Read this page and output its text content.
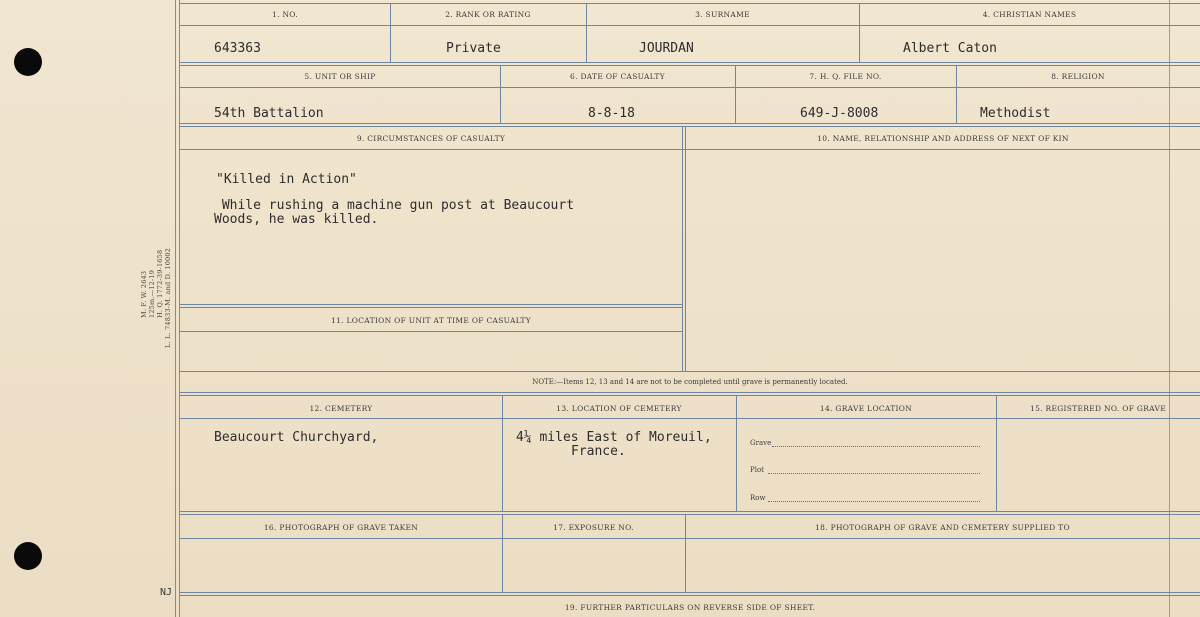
M. F. W. 2643 125m.—12-19 H. Q. 1772-39-1658 L. L. 74833-M. and D. 10002
NJ
1. NO.	2. RANK OR RATING	3. SURNAME	4. CHRISTIAN NAMES
643363	Private	JOURDAN	Albert Caton
5. UNIT OR SHIP	6. DATE OF CASUALTY	7. H. Q. FILE NO.	8. RELIGION
54th Battalion	8-8-18	649-J-8008	Methodist
9. CIRCUMSTANCES OF CASUALTY	10. NAME, RELATIONSHIP AND ADDRESS OF NEXT OF KIN
"Killed in Action"
While rushing a machine gun post at Beaucourt
Woods, he was killed.
11. LOCATION OF UNIT AT TIME OF CASUALTY
NOTE:—Items 12, 13 and 14 are not to be completed until grave is permanently located.
12. CEMETERY	13. LOCATION OF CEMETERY	14. GRAVE LOCATION	15. REGISTERED NO. OF GRAVE
Beaucourt Churchyard,	4¼ miles East of Moreuil,
France.
Grave
Plot
Row
16. PHOTOGRAPH OF GRAVE TAKEN	17. EXPOSURE NO.	18. PHOTOGRAPH OF GRAVE AND CEMETERY SUPPLIED TO
19. FURTHER PARTICULARS ON REVERSE SIDE OF SHEET.
